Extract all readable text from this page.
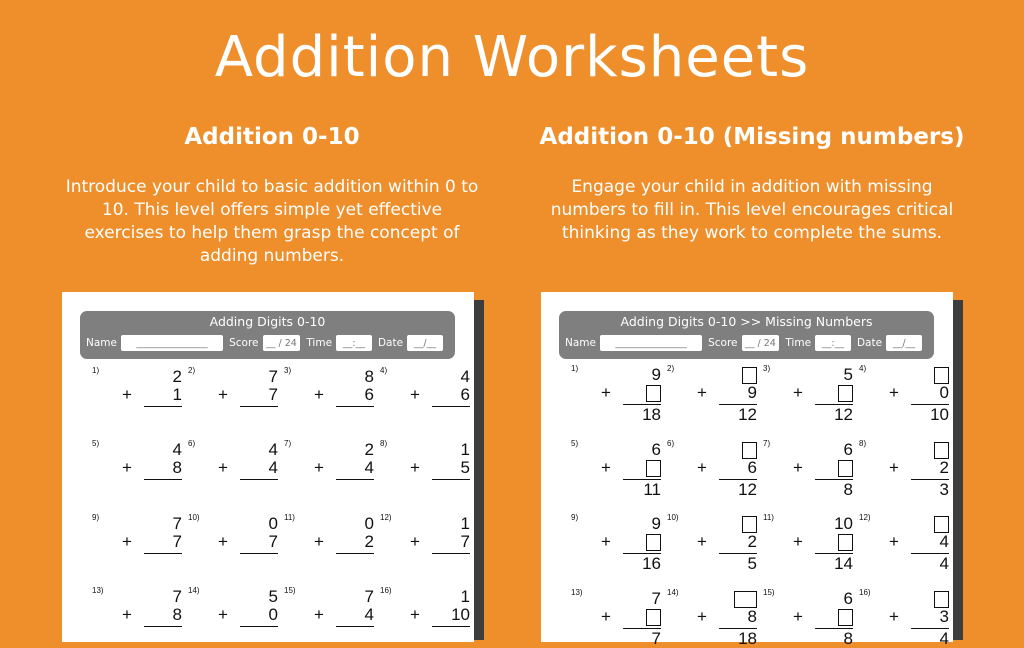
Addition Worksheets
Addition 0-10
Introduce your child to basic addition within 0 to 10. This level offers simple yet effective exercises to help them grasp the concept of adding numbers.
Addition 0-10 (Missing numbers)
Engage your child in addition with missing numbers to fill in. This level encourages critical thinking as they work to complete the sums.
Adding Digits 0-10
Name	_______________	Score __ / 24 Time	__:__	Date	__/__
1)	2
+ 1
2)	7
+ 7
3)	8
+ 6
4)	4
+ 6
5)	4
+ 8
6)	4
+ 4
7)	2
+ 4
8)	1
+ 5
9)	7
+ 7
10)	0
+ 7
11)	0
+ 2
12)	1
+ 7
13)	7
+ 8
14)	5
+ 0
15)	7
+ 4
16)	1
+ 10
Adding Digits 0-10 >> Missing Numbers
Name	_______________	Score __ / 24 Time	__:__	Date	__/__
1)	9
+
18
2)
+ 9
12
3)	5
+
12
4)
+ 0
10
5)	6
+
11
6)
+ 6
12
7)	6
+
8
8)
+ 2
3
9)	9
+
16
10)
+ 2
5
11)	10
+
14
12)
+ 4
4
13)	7
+
7
14)
+ 8
18
15)	6
+
8
16)
+ 3
4
